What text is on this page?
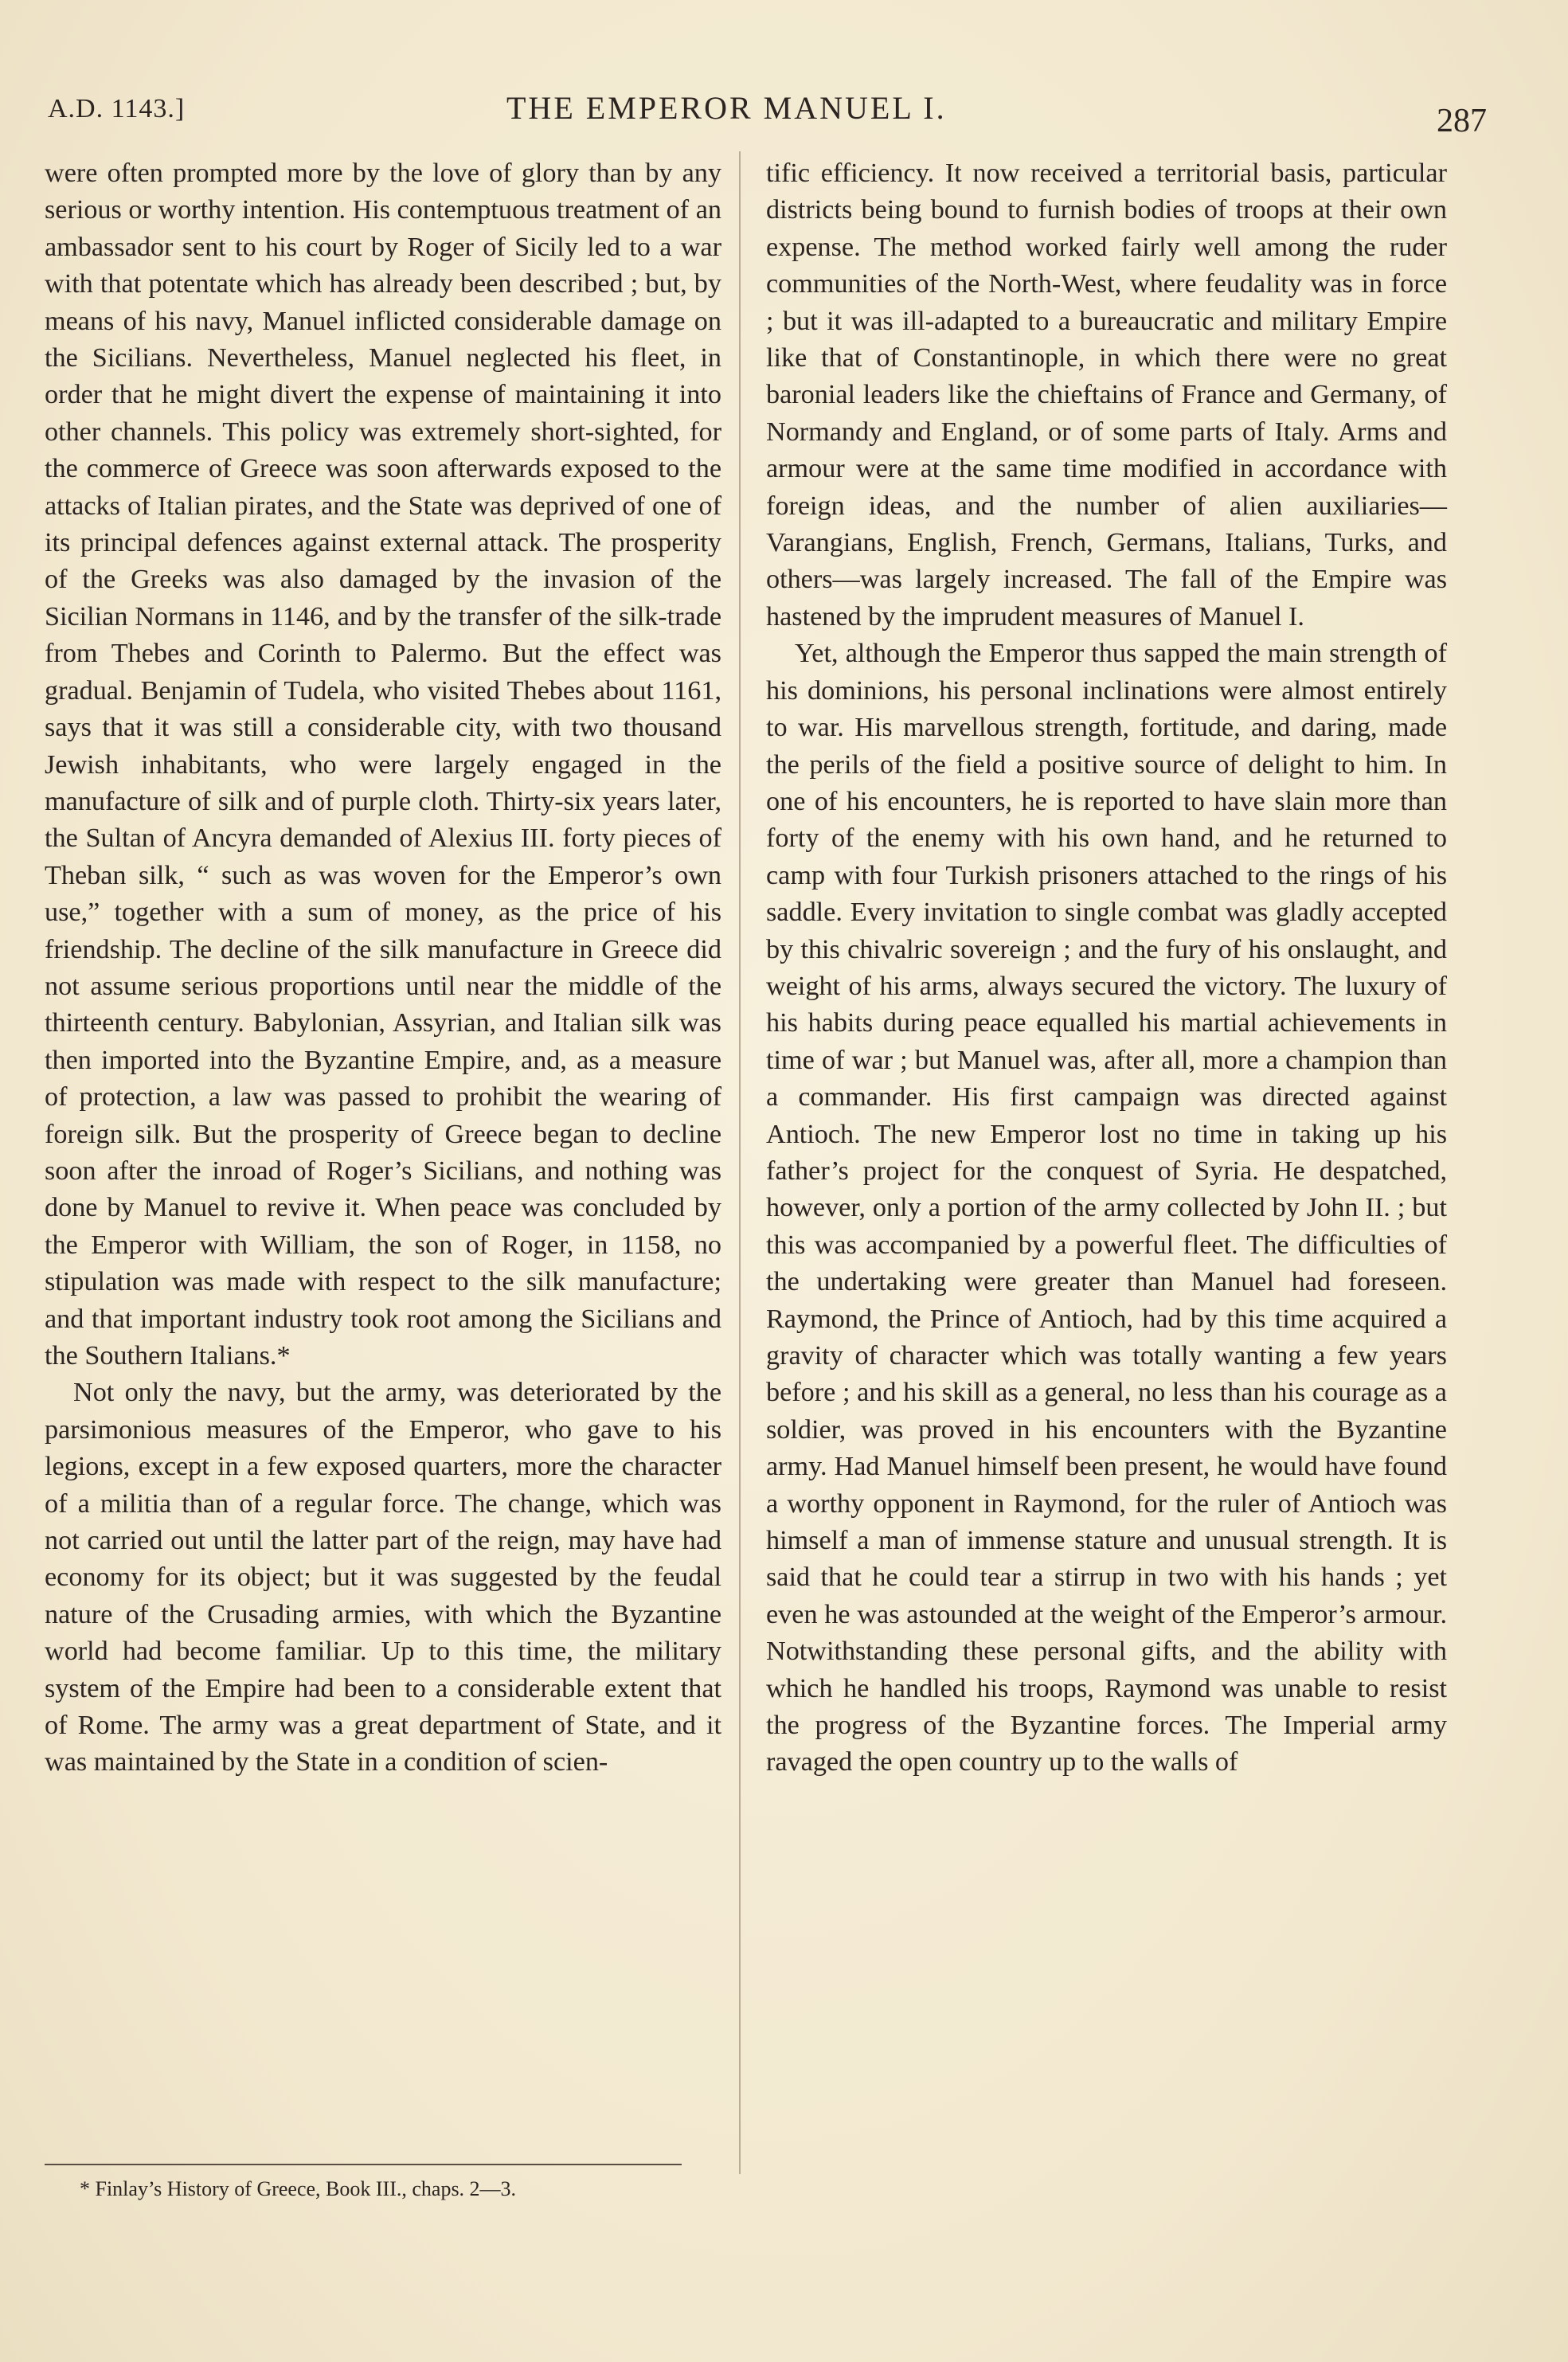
A.D. 1143.]	THE EMPEROR MANUEL I.	287

were often prompted more by the love of glory than by any serious or worthy intention. His contemptuous treatment of an ambassador sent to his court by Roger of Sicily led to a war with that potentate which has already been described ; but, by means of his navy, Manuel inflicted considerable damage on the Sicilians. Nevertheless, Manuel neglected his fleet, in order that he might divert the expense of maintaining it into other channels. This policy was extremely short-sighted, for the commerce of Greece was soon afterwards exposed to the attacks of Italian pirates, and the State was deprived of one of its principal defences against external attack. The prosperity of the Greeks was also damaged by the invasion of the Sicilian Normans in 1146, and by the transfer of the silk-trade from Thebes and Corinth to Palermo. But the effect was gradual. Benjamin of Tudela, who visited Thebes about 1161, says that it was still a considerable city, with two thousand Jewish inhabitants, who were largely engaged in the manufacture of silk and of purple cloth. Thirty-six years later, the Sultan of Ancyra demanded of Alexius III. forty pieces of Theban silk, “ such as was woven for the Emperor’s own use,” together with a sum of money, as the price of his friendship. The decline of the silk manufacture in Greece did not assume serious proportions until near the middle of the thirteenth century. Babylonian, Assyrian, and Italian silk was then imported into the Byzantine Empire, and, as a measure of protection, a law was passed to prohibit the wearing of foreign silk. But the prosperity of Greece began to decline soon after the inroad of Roger’s Sicilians, and nothing was done by Manuel to revive it. When peace was concluded by the Emperor with William, the son of Roger, in 1158, no stipulation was made with respect to the silk manufacture; and that important industry took root among the Sicilians and the Southern Italians.*

Not only the navy, but the army, was deteriorated by the parsimonious measures of the Emperor, who gave to his legions, except in a few exposed quarters, more the character of a militia than of a regular force. The change, which was not carried out until the latter part of the reign, may have had economy for its object; but it was suggested by the feudal nature of the Crusading armies, with which the Byzantine world had become familiar. Up to this time, the military system of the Empire had been to a considerable extent that of Rome. The army was a great department of State, and it was maintained by the State in a condition of scien-

tific efficiency. It now received a territorial basis, particular districts being bound to furnish bodies of troops at their own expense. The method worked fairly well among the ruder communities of the North-West, where feudality was in force ; but it was ill-adapted to a bureaucratic and military Empire like that of Constantinople, in which there were no great baronial leaders like the chieftains of France and Germany, of Normandy and England, or of some parts of Italy. Arms and armour were at the same time modified in accordance with foreign ideas, and the number of alien auxiliaries—Varangians, English, French, Germans, Italians, Turks, and others—was largely increased. The fall of the Empire was hastened by the imprudent measures of Manuel I.

Yet, although the Emperor thus sapped the main strength of his dominions, his personal inclinations were almost entirely to war. His marvellous strength, fortitude, and daring, made the perils of the field a positive source of delight to him. In one of his encounters, he is reported to have slain more than forty of the enemy with his own hand, and he returned to camp with four Turkish prisoners attached to the rings of his saddle. Every invitation to single combat was gladly accepted by this chivalric sovereign ; and the fury of his onslaught, and weight of his arms, always secured the victory. The luxury of his habits during peace equalled his martial achievements in time of war ; but Manuel was, after all, more a champion than a commander. His first campaign was directed against Antioch. The new Emperor lost no time in taking up his father’s project for the conquest of Syria. He despatched, however, only a portion of the army collected by John II. ; but this was accompanied by a powerful fleet. The difficulties of the undertaking were greater than Manuel had foreseen. Raymond, the Prince of Antioch, had by this time acquired a gravity of character which was totally wanting a few years before ; and his skill as a general, no less than his courage as a soldier, was proved in his encounters with the Byzantine army. Had Manuel himself been present, he would have found a worthy opponent in Raymond, for the ruler of Antioch was himself a man of immense stature and unusual strength. It is said that he could tear a stirrup in two with his hands ; yet even he was astounded at the weight of the Emperor’s armour. Notwithstanding these personal gifts, and the ability with which he handled his troops, Raymond was unable to resist the progress of the Byzantine forces. The Imperial army ravaged the open country up to the walls of

* Finlay’s History of Greece, Book III., chaps. 2—3.
